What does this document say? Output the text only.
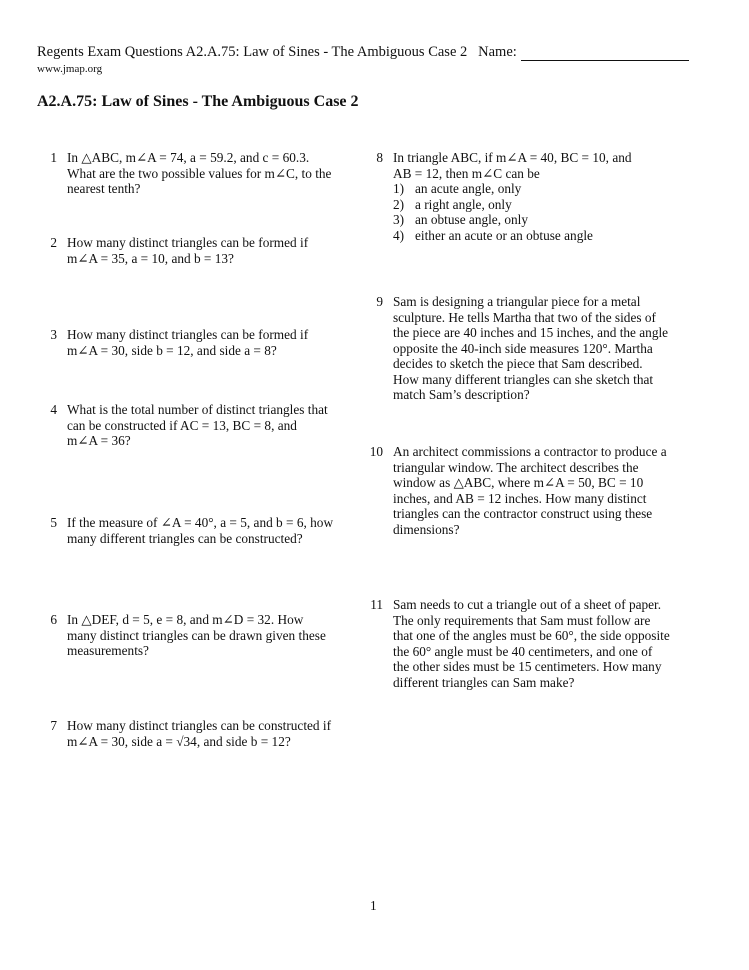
Regents Exam Questions A2.A.75: Law of Sines - The Ambiguous Case 2 Name:
www.jmap.org
A2.A.75: Law of Sines - The Ambiguous Case 2
1 In △ABC, m∠A = 74, a = 59.2, and c = 60.3.
What are the two possible values for m∠C, to the
nearest tenth?
2 How many distinct triangles can be formed if
m∠A = 35, a = 10, and b = 13?
3 How many distinct triangles can be formed if
m∠A = 30, side b = 12, and side a = 8?
4 What is the total number of distinct triangles that
can be constructed if AC = 13, BC = 8, and
m∠A = 36?
5 If the measure of ∠A = 40°, a = 5, and b = 6, how
many different triangles can be constructed?
6 In △DEF, d = 5, e = 8, and m∠D = 32. How
many distinct triangles can be drawn given these
measurements?
7 How many distinct triangles can be constructed if
m∠A = 30, side a = √34, and side b = 12?
8 In triangle ABC, if m∠A = 40, BC = 10, and
AB = 12, then m∠C can be
1) an acute angle, only
2) a right angle, only
3) an obtuse angle, only
4) either an acute or an obtuse angle
9 Sam is designing a triangular piece for a metal
sculpture. He tells Martha that two of the sides of
the piece are 40 inches and 15 inches, and the angle
opposite the 40-inch side measures 120°. Martha
decides to sketch the piece that Sam described.
How many different triangles can she sketch that
match Sam’s description?
10 An architect commissions a contractor to produce a
triangular window. The architect describes the
window as △ABC, where m∠A = 50, BC = 10
inches, and AB = 12 inches. How many distinct
triangles can the contractor construct using these
dimensions?
11 Sam needs to cut a triangle out of a sheet of paper.
The only requirements that Sam must follow are
that one of the angles must be 60°, the side opposite
the 60° angle must be 40 centimeters, and one of
the other sides must be 15 centimeters. How many
different triangles can Sam make?
1
